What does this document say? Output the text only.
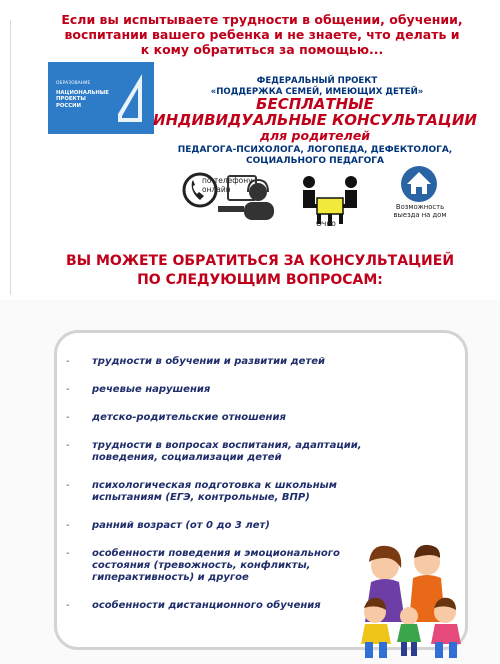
Если вы испытываете трудности в общении, обучении,
воспитании вашего ребенка и не знаете, что делать и
к кому обратиться за помощью...
ОБРАЗОВАНИЕ
НАЦИОНАЛЬНЫЕ
ПРОЕКТЫ
РОССИИ
ФЕДЕРАЛЬНЫЙ ПРОЕКТ
«ПОДДЕРЖКА СЕМЕЙ, ИМЕЮЩИХ ДЕТЕЙ»
БЕСПЛАТНЫЕ
ИНДИВИДУАЛЬНЫЕ КОНСУЛЬТАЦИИ
для родителей
ПЕДАГОГА-ПСИХОЛОГА, ЛОГОПЕДА, ДЕФЕКТОЛОГА,
СОЦИАЛЬНОГО ПЕДАГОГА
по телефону
онлайн
Очно
Возможность
выезда на дом
ВЫ МОЖЕТЕ ОБРАТИТЬСЯ ЗА КОНСУЛЬТАЦИЕЙ
ПО СЛЕДУЮЩИМ ВОПРОСАМ:
- трудности в обучении и развитии детей
- речевые нарушения
- детско-родительские отношения
- трудности в вопросах воспитания, адаптации, поведения, социализации детей
- психологическая подготовка к школьным испытаниям (ЕГЭ, контрольные, ВПР)
- ранний возраст (от 0 до 3 лет)
- особенности поведения и эмоционального состояния (тревожность, конфликты, гиперактивность) и другое
- особенности дистанционного обучения
